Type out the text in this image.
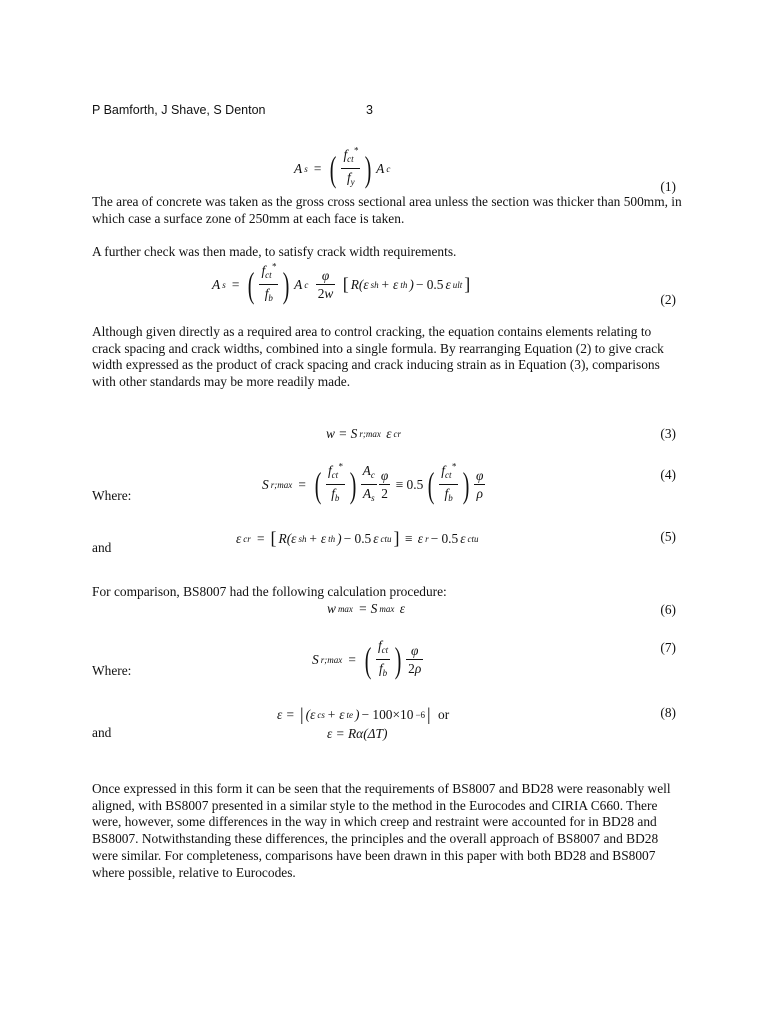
P Bamforth, J Shave, S Denton	3
A s = ( $\frac{f_{ct}^*}{f_y}$ ) A c
(1)

The area of concrete was taken as the gross cross sectional area unless the section was thicker than 500mm, in which case a surface zone of 250mm at each face is taken.

A further check was then made, to satisfy crack width requirements.

A s = ( $\frac{f_{ct}^*}{f_b}$ ) A c
$\frac{\varphi}{2w}$
[ R(ε sh + ε th ) − 0.5 ε ult ]
(2)

Although given directly as a required area to control cracking, the equation contains elements relating to crack spacing and crack widths, combined into a single formula. By rearranging Equation (2) to give crack width expressed as the product of crack spacing and crack inducing strain as in Equation (3), comparisons with other standards may be more readily made.

w = S r;max ε cr	(3)
S r;max = ( $\frac{f_{ct}^*}{f_b}$ ) $\frac{A_c}{A_s} \frac{\varphi}{2} \equiv 0.5$ ( $\frac{f_{ct}^*}{f_b}$ ) $\frac{\varphi}{\rho}$	(4)
Where:
ε cr = [ R(ε sh + ε th ) − 0.5 ε ctu ] ≡ ε r − 0.5 ε ctu	(5)
and

For comparison, BS8007 had the following calculation procedure:

w max = S max ε	(6)
S r;max = ( $\frac{f_{ct}}{f_b}$ ) $\frac{\varphi}{2\rho}$	(7)
Where:
ε = | (ε cs + ε te ) − 100×10 −6 |
or
ε = Rα(ΔT)
(8)
and

Once expressed in this form it can be seen that the requirements of BS8007 and BD28 were reasonably well aligned, with BS8007 presented in a similar style to the method in the Eurocodes and CIRIA C660. There were, however, some differences in the way in which creep and restraint were accounted for in BD28 and BS8007. Notwithstanding these differences, the principles and the overall approach of BS8007 and BD28 were similar. For completeness, comparisons have been drawn in this paper with both BD28 and BS8007 where possible, relative to Eurocodes.
